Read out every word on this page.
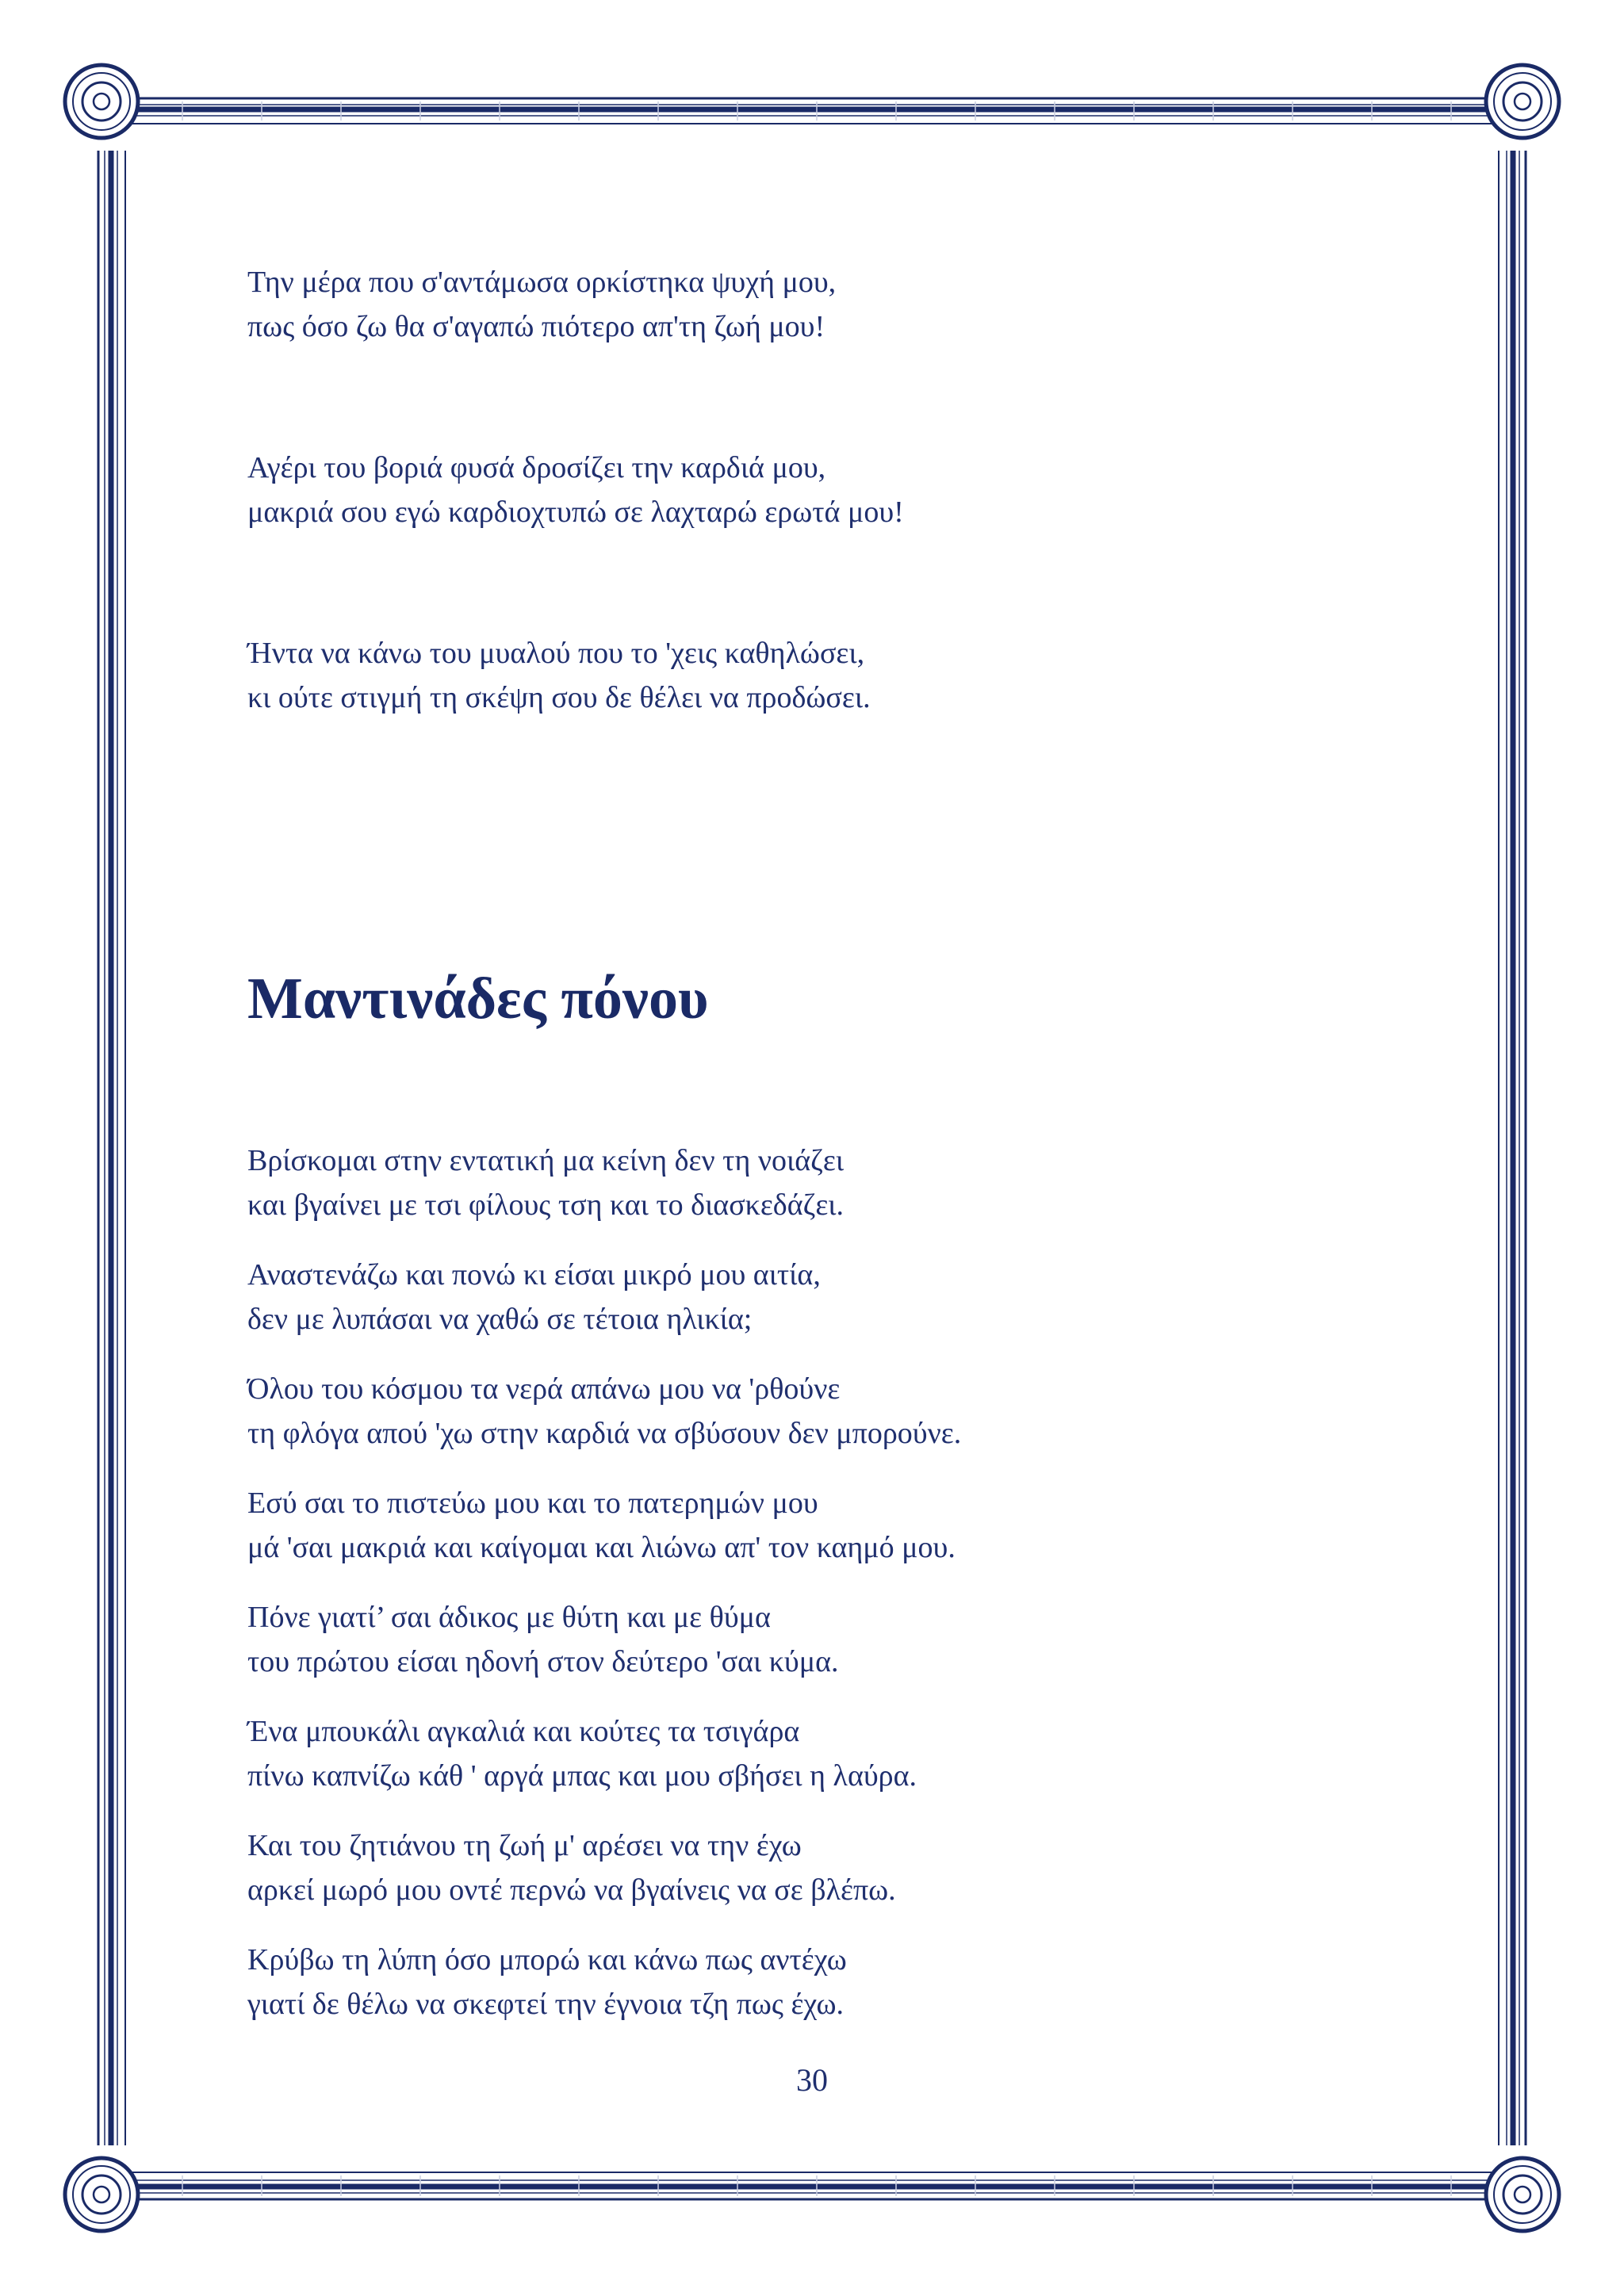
Την μέρα που σ'αντάμωσα ορκίστηκα ψυχή μου,
πως όσο ζω θα σ'αγαπώ πιότερο απ'τη ζωή μου!
Αγέρι του βοριά φυσά δροσίζει την καρδιά μου,
μακριά σου εγώ καρδιοχτυπώ σε λαχταρώ ερωτά μου!
Ήντα να κάνω του μυαλού που το 'χεις καθηλώσει,
κι ούτε στιγμή τη σκέψη σου δε θέλει να προδώσει.
Μαντινάδες πόνου
Βρίσκομαι στην εντατική μα κείνη δεν τη νοιάζει
και βγαίνει με τσι φίλους τση και το διασκεδάζει.
Αναστενάζω και πονώ κι είσαι μικρό μου αιτία,
δεν με λυπάσαι να χαθώ σε τέτοια ηλικία;
Όλου του κόσμου τα νερά απάνω μου να 'ρθούνε
τη φλόγα απού 'χω στην καρδιά να σβύσουν δεν μπορούνε.
Εσύ σαι το πιστεύω μου και το πατερημών μου
μά 'σαι μακριά και καίγομαι και λιώνω απ' τον καημό μου.
Πόνε γιατί’ σαι άδικος με θύτη και με θύμα
του πρώτου είσαι ηδονή στον δεύτερο 'σαι κύμα.
Ένα μπουκάλι αγκαλιά και κούτες τα τσιγάρα
πίνω καπνίζω κάθ ' αργά μπας και μου σβήσει η λαύρα.
Και του ζητιάνου τη ζωή μ' αρέσει να την έχω
αρκεί μωρό μου οντέ περνώ να βγαίνεις να σε βλέπω.
Κρύβω τη λύπη όσο μπορώ και κάνω πως αντέχω
γιατί δε θέλω να σκεφτεί την έγνοια τζη πως έχω.
30
